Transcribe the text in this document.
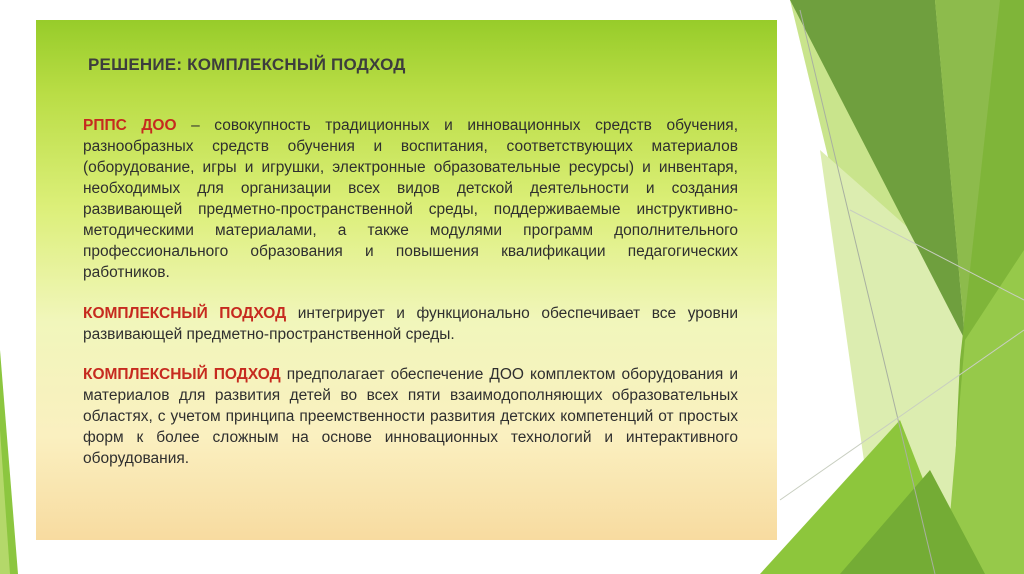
РЕШЕНИЕ: КОМПЛЕКСНЫЙ ПОДХОД

РППС ДОО – совокупность традиционных и инновационных средств обучения, разнообразных средств обучения и воспитания, соответствующих материалов (оборудование, игры и игрушки, электронные образовательные ресурсы) и инвентаря, необходимых для организации всех видов детской деятельности и создания развивающей предметно-пространственной среды, поддерживаемые инструктивно-методическими материалами, а также модулями программ дополнительного профессионального образования и повышения квалификации педагогических работников.

КОМПЛЕКСНЫЙ ПОДХОД интегрирует и функционально обеспечивает все уровни развивающей предметно-пространственной среды.

КОМПЛЕКСНЫЙ ПОДХОД предполагает обеспечение ДОО комплектом оборудования и материалов для развития детей во всех пяти взаимодополняющих образовательных областях, с учетом принципа преемственности развития детских компетенций от простых форм к более сложным на основе инновационных технологий и интерактивного оборудования.
